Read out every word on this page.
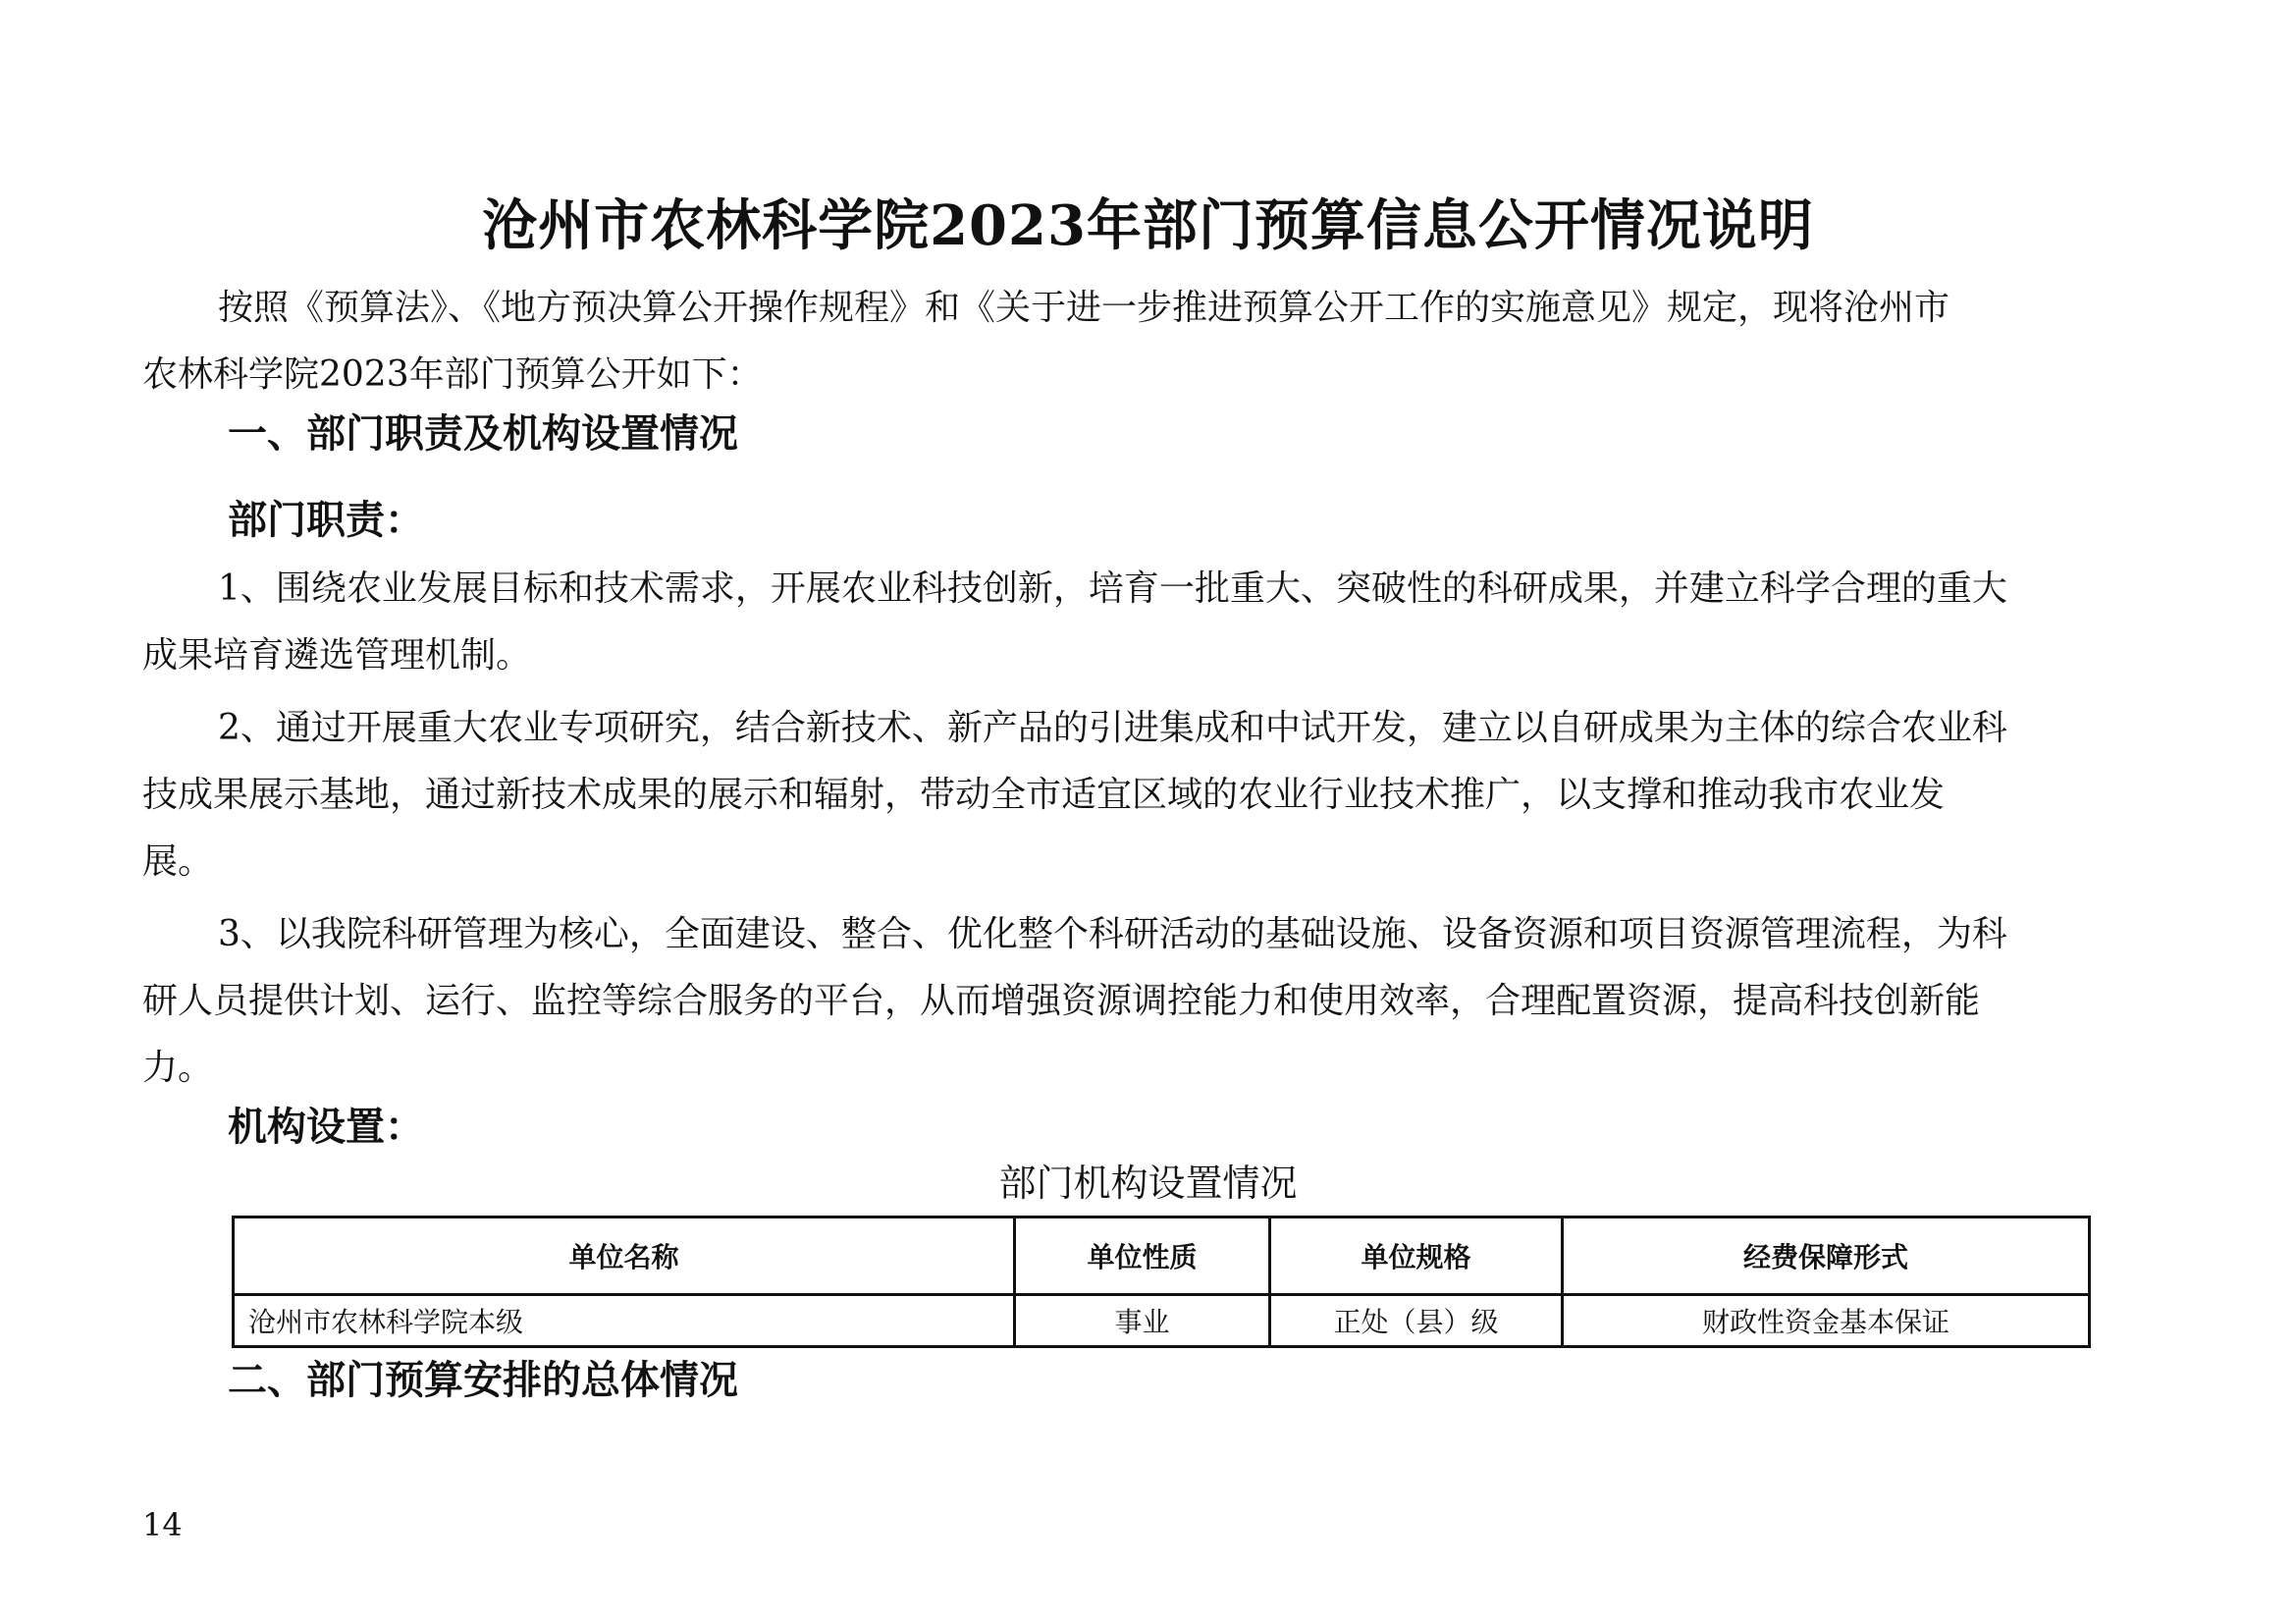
沧州市农林科学院2023年部门预算信息公开情况说明

按照《预算法》、《地方预决算公开操作规程》和《关于进一步推进预算公开工作的实施意见》规定，现将沧州市

农林科学院2023年部门预算公开如下：

一、部门职责及机构设置情况
部门职责：

1、围绕农业发展目标和技术需求，开展农业科技创新，培育一批重大、突破性的科研成果，并建立科学合理的重大

成果培育遴选管理机制。

2、通过开展重大农业专项研究，结合新技术、新产品的引进集成和中试开发，建立以自研成果为主体的综合农业科

技成果展示基地，通过新技术成果的展示和辐射，带动全市适宜区域的农业行业技术推广，以支撑和推动我市农业发

展。

3、以我院科研管理为核心，全面建设、整合、优化整个科研活动的基础设施、设备资源和项目资源管理流程，为科

研人员提供计划、运行、监控等综合服务的平台，从而增强资源调控能力和使用效率，合理配置资源，提高科技创新能

力。

机构设置：
部门机构设置情况
单位名称	单位性质	单位规格	经费保障形式
沧州市农林科学院本级	事业	正处（县）级	财政性资金基本保证
二、部门预算安排的总体情况
14
